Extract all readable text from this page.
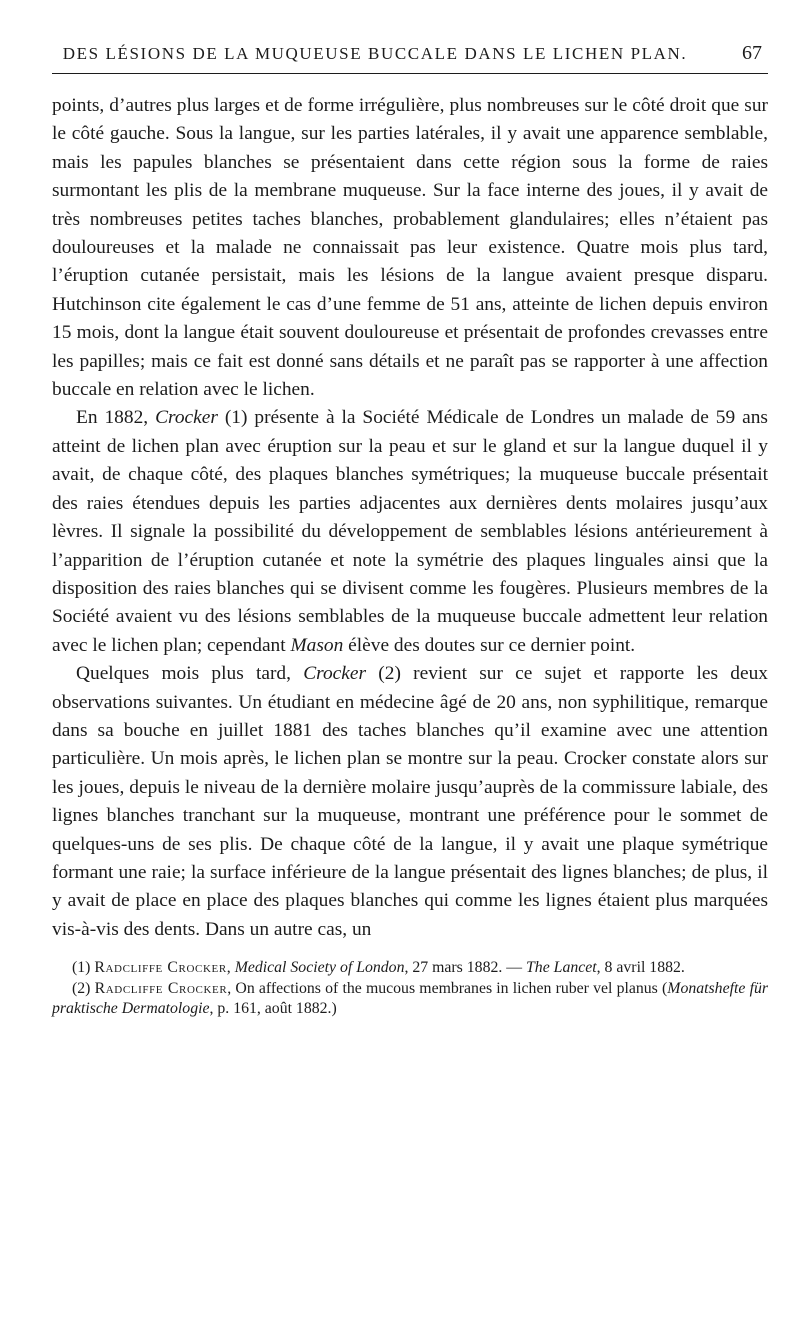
DES LÉSIONS DE LA MUQUEUSE BUCCALE DANS LE LICHEN PLAN.	67

points, d’autres plus larges et de forme irrégulière, plus nombreuses sur le côté droit que sur le côté gauche. Sous la langue, sur les parties latérales, il y avait une apparence semblable, mais les papules blanches se présentaient dans cette région sous la forme de raies surmontant les plis de la membrane muqueuse. Sur la face interne des joues, il y avait de très nombreuses petites taches blanches, probablement glandulaires; elles n’étaient pas douloureuses et la malade ne connaissait pas leur existence. Quatre mois plus tard, l’éruption cutanée persistait, mais les lésions de la langue avaient presque disparu. Hutchinson cite également le cas d’une femme de 51 ans, atteinte de lichen depuis environ 15 mois, dont la langue était souvent douloureuse et présentait de profondes crevasses entre les papilles; mais ce fait est donné sans détails et ne paraît pas se rapporter à une affection buccale en relation avec le lichen.

En 1882, Crocker (1) présente à la Société Médicale de Londres un malade de 59 ans atteint de lichen plan avec éruption sur la peau et sur le gland et sur la langue duquel il y avait, de chaque côté, des plaques blanches symétriques; la muqueuse buccale présentait des raies étendues depuis les parties adjacentes aux dernières dents molaires jusqu’aux lèvres. Il signale la possibilité du développement de semblables lésions antérieurement à l’apparition de l’éruption cutanée et note la symétrie des plaques linguales ainsi que la disposition des raies blanches qui se divisent comme les fougères. Plusieurs membres de la Société avaient vu des lésions semblables de la muqueuse buccale admettent leur relation avec le lichen plan; cependant Mason élève des doutes sur ce dernier point.

Quelques mois plus tard, Crocker (2) revient sur ce sujet et rapporte les deux observations suivantes. Un étudiant en médecine âgé de 20 ans, non syphilitique, remarque dans sa bouche en juillet 1881 des taches blanches qu’il examine avec une attention particulière. Un mois après, le lichen plan se montre sur la peau. Crocker constate alors sur les joues, depuis le niveau de la dernière molaire jusqu’auprès de la commissure labiale, des lignes blanches tranchant sur la muqueuse, montrant une préférence pour le sommet de quelques-uns de ses plis. De chaque côté de la langue, il y avait une plaque symétrique formant une raie; la surface inférieure de la langue présentait des lignes blanches; de plus, il y avait de place en place des plaques blanches qui comme les lignes étaient plus marquées vis-à-vis des dents. Dans un autre cas, un

(1) Radcliffe Crocker, Medical Society of London, 27 mars 1882. — The Lancet, 8 avril 1882.

(2) Radcliffe Crocker, On affections of the mucous membranes in lichen ruber vel planus (Monatshefte für praktische Dermatologie, p. 161, août 1882.)
